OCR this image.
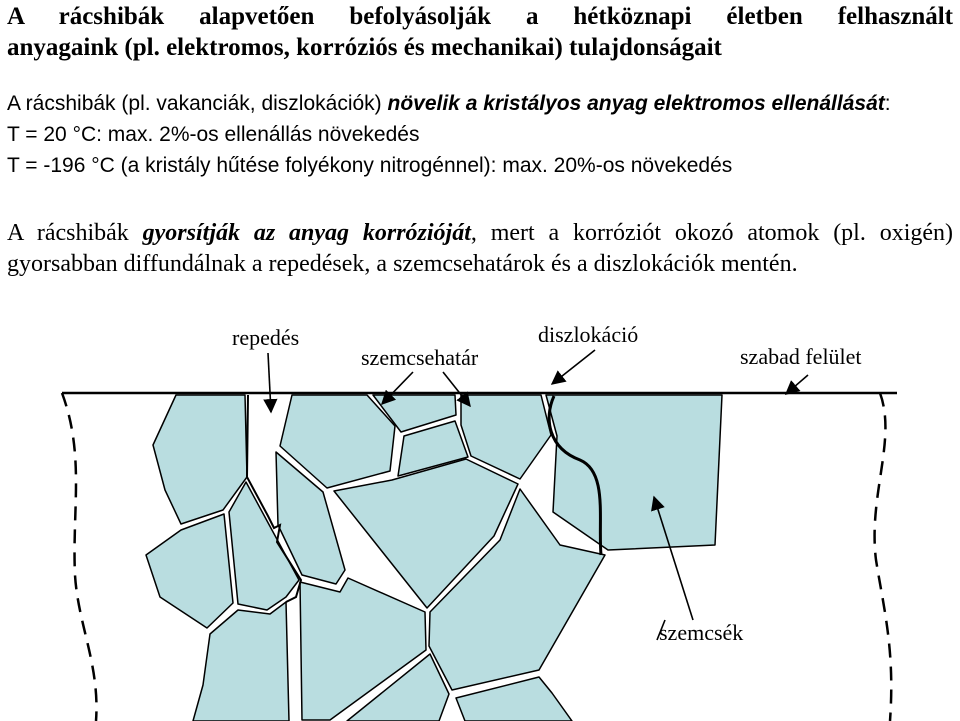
A rácshibák alapvetően befolyásolják a hétköznapi életben felhasznált
anyagaink (pl. elektromos, korróziós és mechanikai) tulajdonságait
A rácshibák (pl. vakanciák, diszlokációk) növelik a kristályos anyag elektromos ellenállását:
T = 20 °C: max. 2%-os ellenállás növekedés
T = -196 °C (a kristály hűtése folyékony nitrogénnel): max. 20%-os növekedés
A rácshibák gyorsítják az anyag korrózióját, mert a korróziót okozó atomok (pl. oxigén)
gyorsabban diffundálnak a repedések, a szemcsehatárok és a diszlokációk mentén.
repedés
szemcsehatár
diszlokáció
szabad felület
szemcsék
